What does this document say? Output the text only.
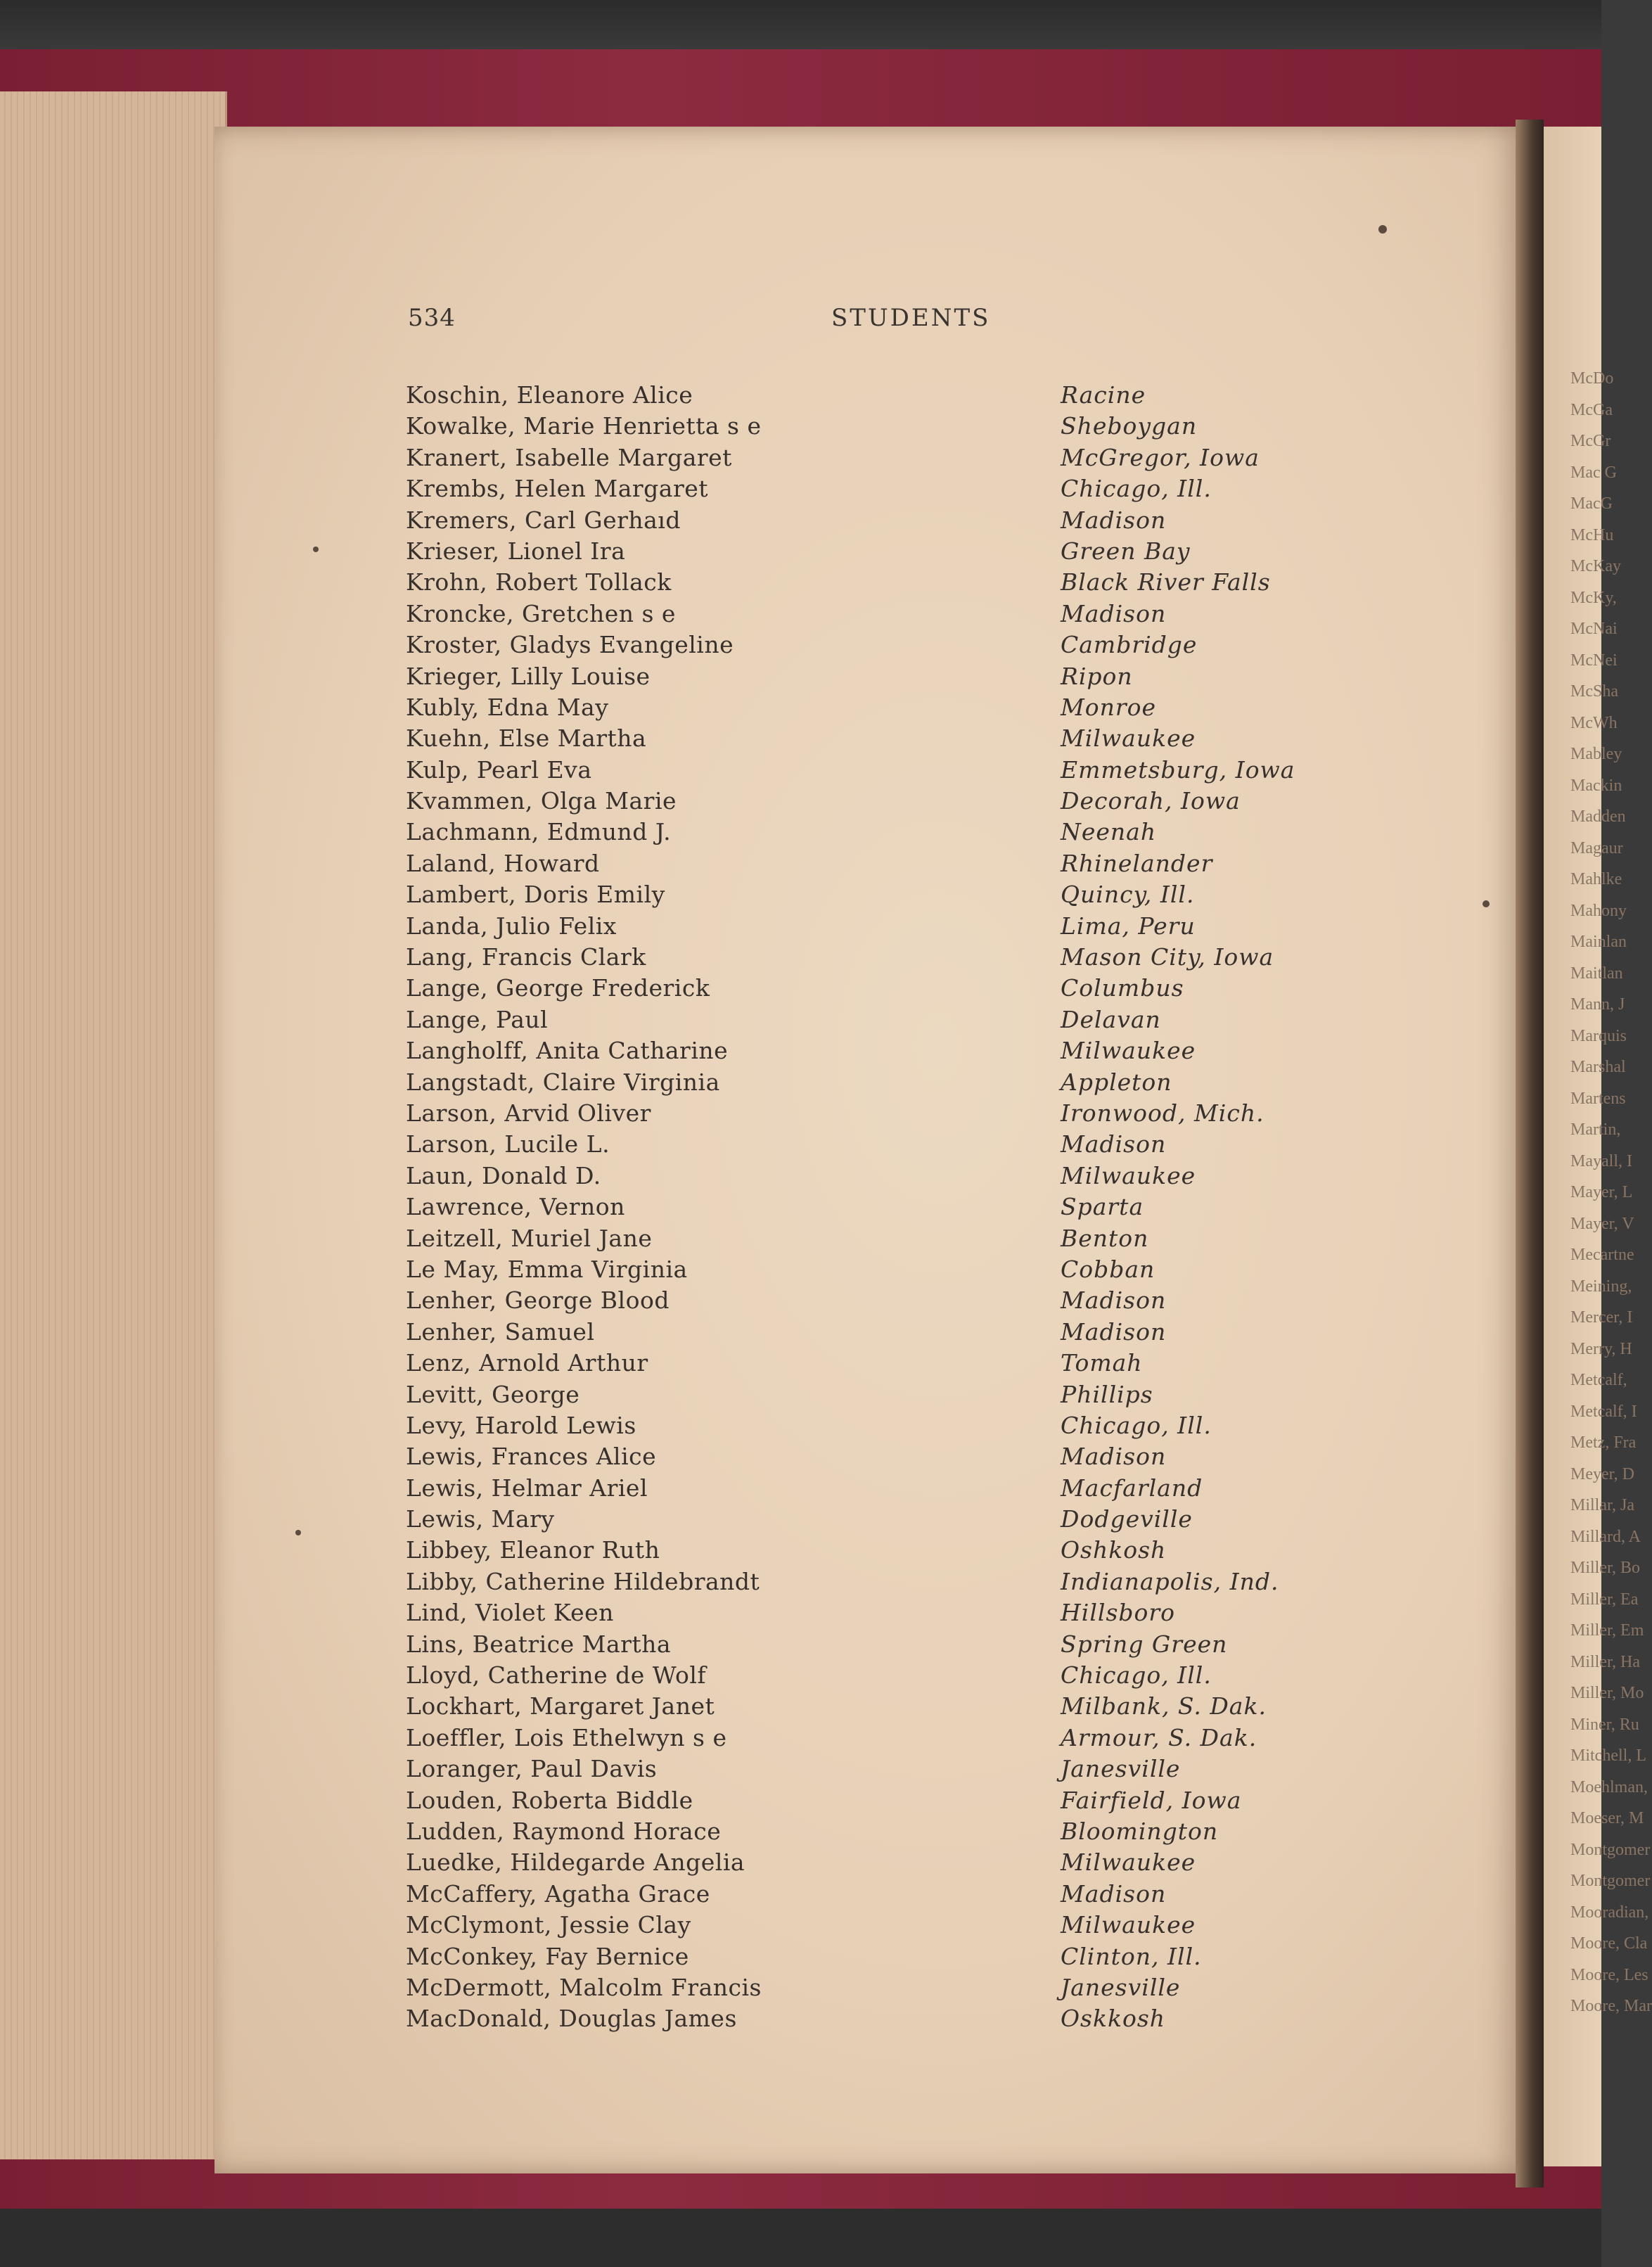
McDo
McGa
McGr
Mac G
MacG
McHu
McKay
McKy,
McNai
McNei
McSha
McWh
Mabley
Mackin
Madden
Magaur
Mahlke
Mahony
Mainlan
Maitlan
Mann, J
Marquis
Marshal
Martens
Martin,
Mayall, I
Mayer, L
Mayer, V
Mecartne
Meining,
Mercer, I
Merry, H
Metcalf,
Metcalf, I
Metz, Fra
Meyer, D
Millar, Ja
Millard, A
Miller, Bo
Miller, Ea
Miller, Em
Miller, Ha
Miller, Mo
Miner, Ru
Mitchell, L
Moehlman,
Moeser, M
Montgomer
Montgomer
Mooradian,
Moore, Cla
Moore, Les
Moore, Mar
534	STUDENTS
Koschin, Eleanore Alice	Racine
Kowalke, Marie Henrietta s e	Sheboygan
Kranert, Isabelle Margaret	McGregor, Iowa
Krembs, Helen Margaret	Chicago, Ill.
Kremers, Carl Gerhaıd	Madison
Krieser, Lionel Ira	Green Bay
Krohn, Robert Tollack	Black River Falls
Kroncke, Gretchen s e	Madison
Kroster, Gladys Evangeline	Cambridge
Krieger, Lilly Louise	Ripon
Kubly, Edna May	Monroe
Kuehn, Else Martha	Milwaukee
Kulp, Pearl Eva	Emmetsburg, Iowa
Kvammen, Olga Marie	Decorah, Iowa
Lachmann, Edmund J.	Neenah
Laland, Howard	Rhinelander
Lambert, Doris Emily	Quincy, Ill.
Landa, Julio Felix	Lima, Peru
Lang, Francis Clark	Mason City, Iowa
Lange, George Frederick	Columbus
Lange, Paul	Delavan
Langholff, Anita Catharine	Milwaukee
Langstadt, Claire Virginia	Appleton
Larson, Arvid Oliver	Ironwood, Mich.
Larson, Lucile L.	Madison
Laun, Donald D.	Milwaukee
Lawrence, Vernon	Sparta
Leitzell, Muriel Jane	Benton
Le May, Emma Virginia	Cobban
Lenher, George Blood	Madison
Lenher, Samuel	Madison
Lenz, Arnold Arthur	Tomah
Levitt, George	Phillips
Levy, Harold Lewis	Chicago, Ill.
Lewis, Frances Alice	Madison
Lewis, Helmar Ariel	Macfarland
Lewis, Mary	Dodgeville
Libbey, Eleanor Ruth	Oshkosh
Libby, Catherine Hildebrandt	Indianapolis, Ind.
Lind, Violet Keen	Hillsboro
Lins, Beatrice Martha	Spring Green
Lloyd, Catherine de Wolf	Chicago, Ill.
Lockhart, Margaret Janet	Milbank, S. Dak.
Loeffler, Lois Ethelwyn s e	Armour, S. Dak.
Loranger, Paul Davis	Janesville
Louden, Roberta Biddle	Fairfield, Iowa
Ludden, Raymond Horace	Bloomington
Luedke, Hildegarde Angelia	Milwaukee
McCaffery, Agatha Grace	Madison
McClymont, Jessie Clay	Milwaukee
McConkey, Fay Bernice	Clinton, Ill.
McDermott, Malcolm Francis	Janesville
MacDonald, Douglas James	Oskkosh
